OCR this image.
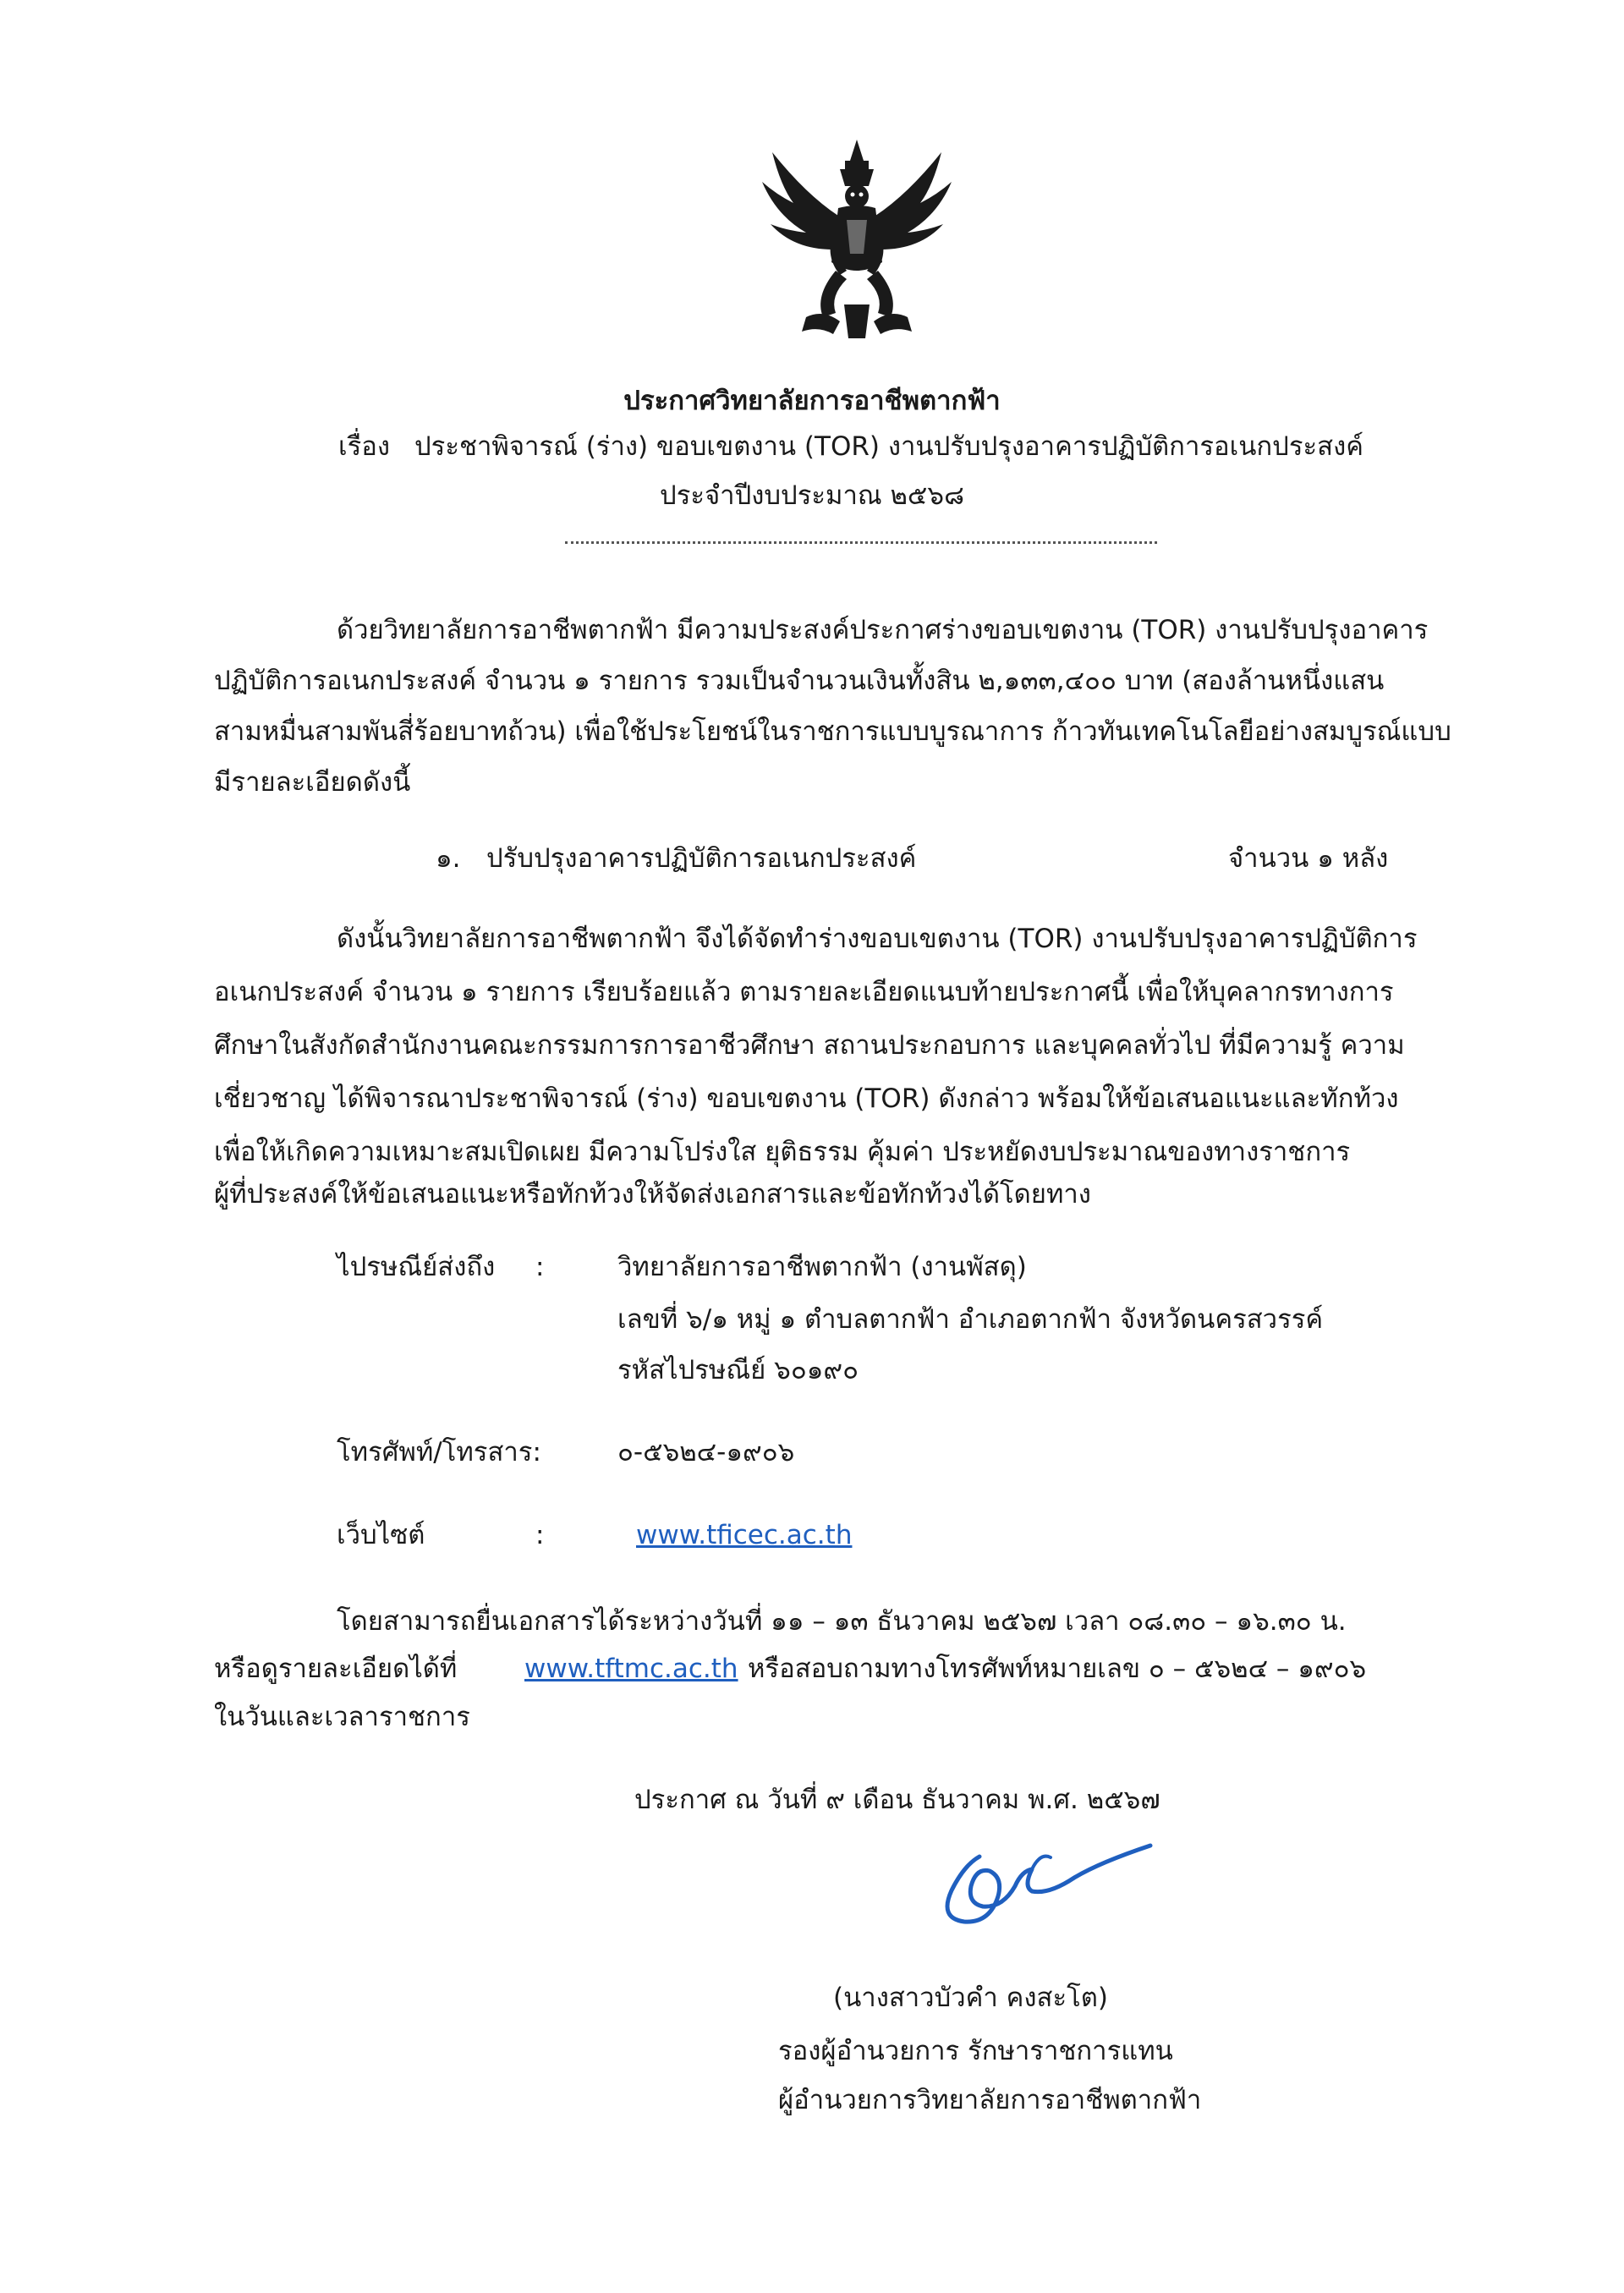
ประกาศวิทยาลัยการอาชีพตากฟ้า
เรื่อง ประชาพิจารณ์ (ร่าง) ขอบเขตงาน (TOR) งานปรับปรุงอาคารปฏิบัติการอเนกประสงค์
ประจำปีงบประมาณ ๒๕๖๘
ด้วยวิทยาลัยการอาชีพตากฟ้า มีความประสงค์ประกาศร่างขอบเขตงาน (TOR) งานปรับปรุงอาคาร
ปฏิบัติการอเนกประสงค์ จำนวน ๑ รายการ รวมเป็นจำนวนเงินทั้งสิน ๒,๑๓๓,๔๐๐ บาท (สองล้านหนึ่งแสน
สามหมื่นสามพันสี่ร้อยบาทถ้วน) เพื่อใช้ประโยชน์ในราชการแบบบูรณาการ ก้าวทันเทคโนโลยีอย่างสมบูรณ์แบบ
มีรายละเอียดดังนี้
๑. ปรับปรุงอาคารปฏิบัติการอเนกประสงค์	จำนวน ๑ หลัง
ดังนั้นวิทยาลัยการอาชีพตากฟ้า จึงได้จัดทำร่างขอบเขตงาน (TOR) งานปรับปรุงอาคารปฏิบัติการ
อเนกประสงค์ จำนวน ๑ รายการ เรียบร้อยแล้ว ตามรายละเอียดแนบท้ายประกาศนี้ เพื่อให้บุคลากรทางการ
ศึกษาในสังกัดสำนักงานคณะกรรมการการอาชีวศึกษา สถานประกอบการ และบุคคลทั่วไป ที่มีความรู้ ความ
เชี่ยวชาญ ได้พิจารณาประชาพิจารณ์ (ร่าง) ขอบเขตงาน (TOR) ดังกล่าว พร้อมให้ข้อเสนอแนะและทักท้วง
เพื่อให้เกิดความเหมาะสมเปิดเผย มีความโปร่งใส ยุติธรรม คุ้มค่า ประหยัดงบประมาณของทางราชการ
ผู้ที่ประสงค์ให้ข้อเสนอแนะหรือทักท้วงให้จัดส่งเอกสารและข้อทักท้วงได้โดยทาง
ไปรษณีย์ส่งถึง :	วิทยาลัยการอาชีพตากฟ้า (งานพัสดุ)
เลขที่ ๖/๑ หมู่ ๑ ตำบลตากฟ้า อำเภอตากฟ้า จังหวัดนครสวรรค์
รหัสไปรษณีย์ ๖๐๑๙๐
โทรศัพท์/โทรสาร:	๐-๕๖๒๔-๑๙๐๖
เว็บไซต์	:	www.tficec.ac.th
โดยสามารถยื่นเอกสารได้ระหว่างวันที่ ๑๑ – ๑๓ ธันวาคม ๒๕๖๗ เวลา ๐๘.๓๐ – ๑๖.๓๐ น.
หรือดูรายละเอียดได้ที่	www.tftmc.ac.th หรือสอบถามทางโทรศัพท์หมายเลข ๐ – ๕๖๒๔ – ๑๙๐๖
ในวันและเวลาราชการ
ประกาศ ณ วันที่ ๙ เดือน ธันวาคม พ.ศ. ๒๕๖๗
(นางสาวบัวคำ คงสะโต)
รองผู้อำนวยการ รักษาราชการแทน
ผู้อำนวยการวิทยาลัยการอาชีพตากฟ้า
